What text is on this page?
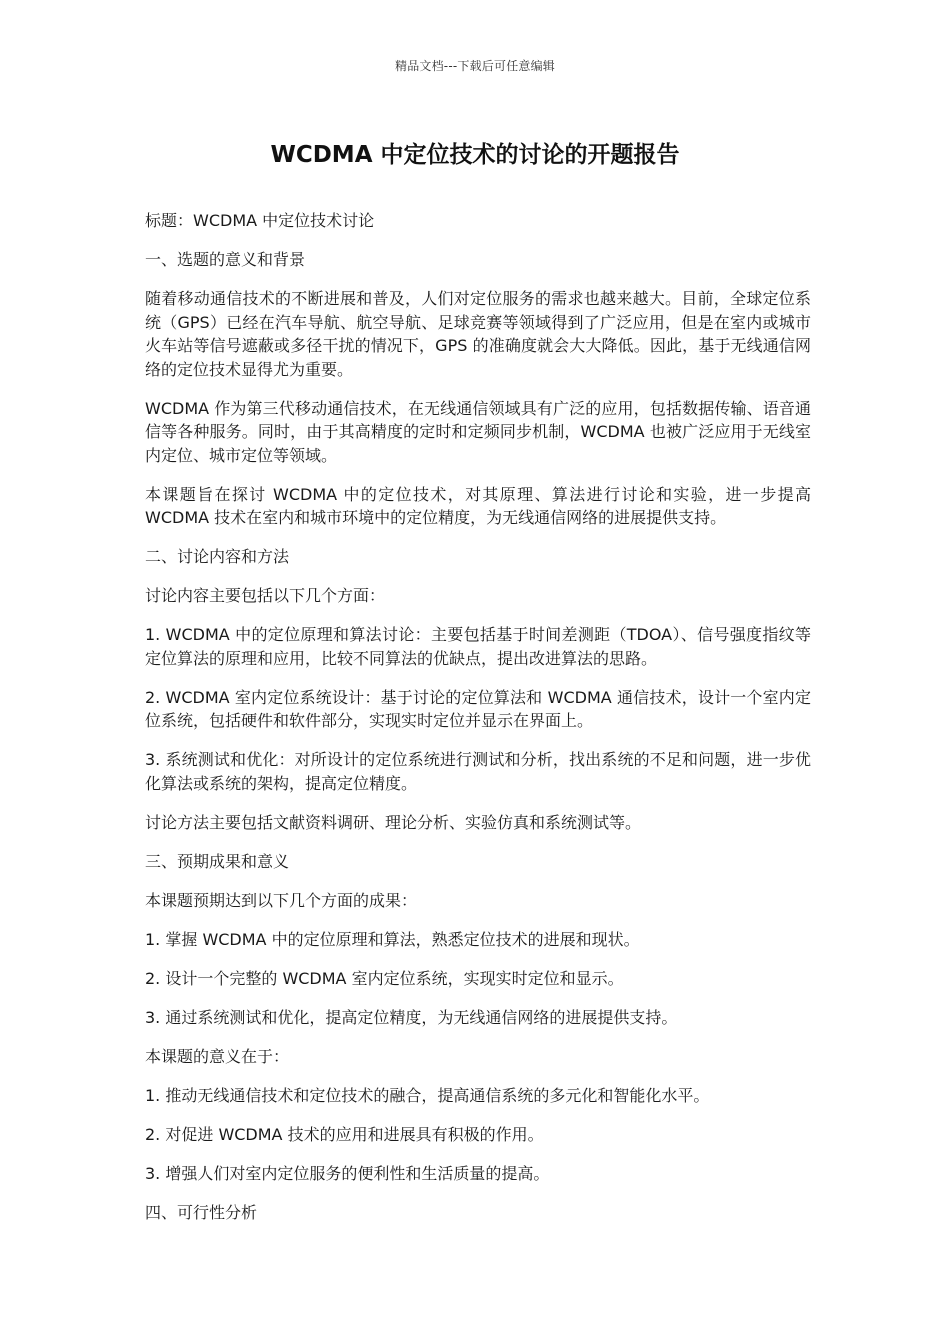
精品文档---下载后可任意编辑
WCDMA 中定位技术的讨论的开题报告

标题：WCDMA 中定位技术讨论

一、选题的意义和背景

随着移动通信技术的不断进展和普及，人们对定位服务的需求也越来越大。目前，全球定位系统（GPS）已经在汽车导航、航空导航、足球竞赛等领域得到了广泛应用，但是在室内或城市火车站等信号遮蔽或多径干扰的情况下，GPS 的准确度就会大大降低。因此，基于无线通信网络的定位技术显得尤为重要。

WCDMA 作为第三代移动通信技术，在无线通信领域具有广泛的应用，包括数据传输、语音通信等各种服务。同时，由于其高精度的定时和定频同步机制，WCDMA 也被广泛应用于无线室内定位、城市定位等领域。

本课题旨在探讨 WCDMA 中的定位技术，对其原理、算法进行讨论和实验，进一步提高 WCDMA 技术在室内和城市环境中的定位精度，为无线通信网络的进展提供支持。

二、讨论内容和方法

讨论内容主要包括以下几个方面：

1. WCDMA 中的定位原理和算法讨论：主要包括基于时间差测距（TDOA）、信号强度指纹等定位算法的原理和应用，比较不同算法的优缺点，提出改进算法的思路。

2. WCDMA 室内定位系统设计：基于讨论的定位算法和 WCDMA 通信技术，设计一个室内定位系统，包括硬件和软件部分，实现实时定位并显示在界面上。

3. 系统测试和优化：对所设计的定位系统进行测试和分析，找出系统的不足和问题，进一步优化算法或系统的架构，提高定位精度。

讨论方法主要包括文献资料调研、理论分析、实验仿真和系统测试等。

三、预期成果和意义

本课题预期达到以下几个方面的成果：

1. 掌握 WCDMA 中的定位原理和算法，熟悉定位技术的进展和现状。

2. 设计一个完整的 WCDMA 室内定位系统，实现实时定位和显示。

3. 通过系统测试和优化，提高定位精度，为无线通信网络的进展提供支持。

本课题的意义在于：

1. 推动无线通信技术和定位技术的融合，提高通信系统的多元化和智能化水平。

2. 对促进 WCDMA 技术的应用和进展具有积极的作用。

3. 增强人们对室内定位服务的便利性和生活质量的提高。

四、可行性分析
